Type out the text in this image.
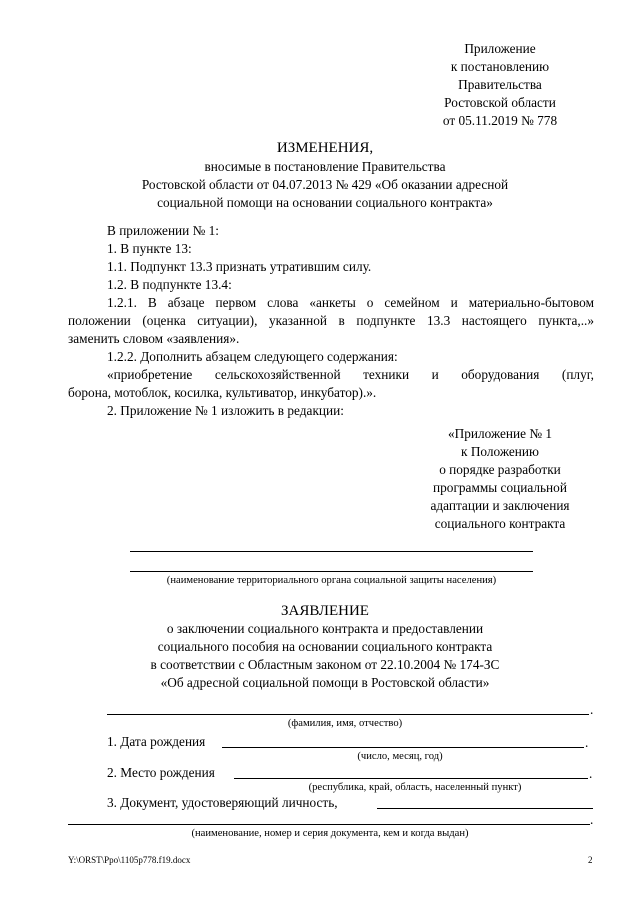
Приложение
к постановлению
Правительства
Ростовской области
от 05.11.2019 № 778
ИЗМЕНЕНИЯ,
вносимые в постановление Правительства
Ростовской области от 04.07.2013 № 429 «Об оказании адресной
социальной помощи на основании социального контракта»
В приложении № 1:
1. В пункте 13:
1.1. Подпункт 13.3 признать утратившим силу.
1.2. В подпункте 13.4:
1.2.1. В абзаце первом слова «анкеты о семейном и материально-бытовом
положении (оценка ситуации), указанной в подпункте 13.3 настоящего пункта,..»
заменить словом «заявления».
1.2.2. Дополнить абзацем следующего содержания:
«приобретение сельскохозяйственной техники и оборудования (плуг,
борона, мотоблок, косилка, культиватор, инкубатор).».
2. Приложение № 1 изложить в редакции:
«Приложение № 1
к Положению
о порядке разработки
программы социальной
адаптации и заключения
социального контракта
(наименование территориального органа социальной защиты населения)
ЗАЯВЛЕНИЕ
о заключении социального контракта и предоставлении
социального пособия на основании социального контракта
в соответствии с Областным законом от 22.10.2004 № 174-ЗС
«Об адресной социальной помощи в Ростовской области»
.
(фамилия, имя, отчество)
1. Дата рождения	.
(число, месяц, год)
2. Место рождения	.
(республика, край, область, населенный пункт)
3. Документ, удостоверяющий личность,
.
(наименование, номер и серия документа, кем и когда выдан)
Y:\ORST\Ppo\1105p778.f19.docx	2
